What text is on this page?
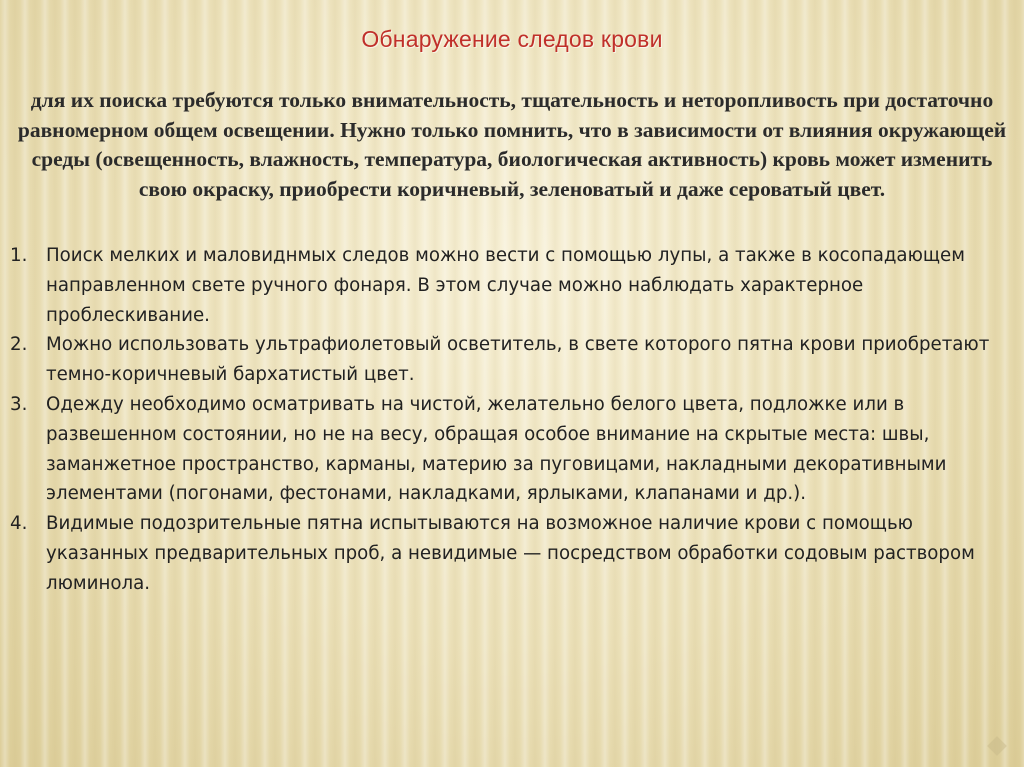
Обнаружение следов крови
для их поиска требуются только внимательность, тщательность и неторопливость при достаточно равномерном общем освещении. Нужно только помнить, что в зависимости от влияния окружающей среды (освещенность, влажность, температура, биологическая активность) кровь может изменить свою окраску, приобрести коричневый, зеленоватый и даже сероватый цвет.
1. Поиск мелких и маловиднмых следов можно вести с помощью лупы, а также в косопадающем направленном свете ручного фонаря. В этом случае можно наблюдать характерное проблескивание.
2. Можно использовать ультрафиолетовый осветитель, в свете которого пятна крови приобретают темно-коричневый бархатистый цвет.
3. Одежду необходимо осматривать на чистой, желательно белого цвета, подложке или в развешенном состоянии, но не на весу, обращая особое внимание на скрытые места: швы, заманжетное пространство, карманы, материю за пуговицами, накладными декоративными элементами (погонами, фестонами, накладками, ярлыками, клапанами и др.).
4. Видимые подозрительные пятна испытываются на возможное наличие крови с помощью указанных предварительных проб, а невидимые — посредством обработки содовым раствором люминола.
